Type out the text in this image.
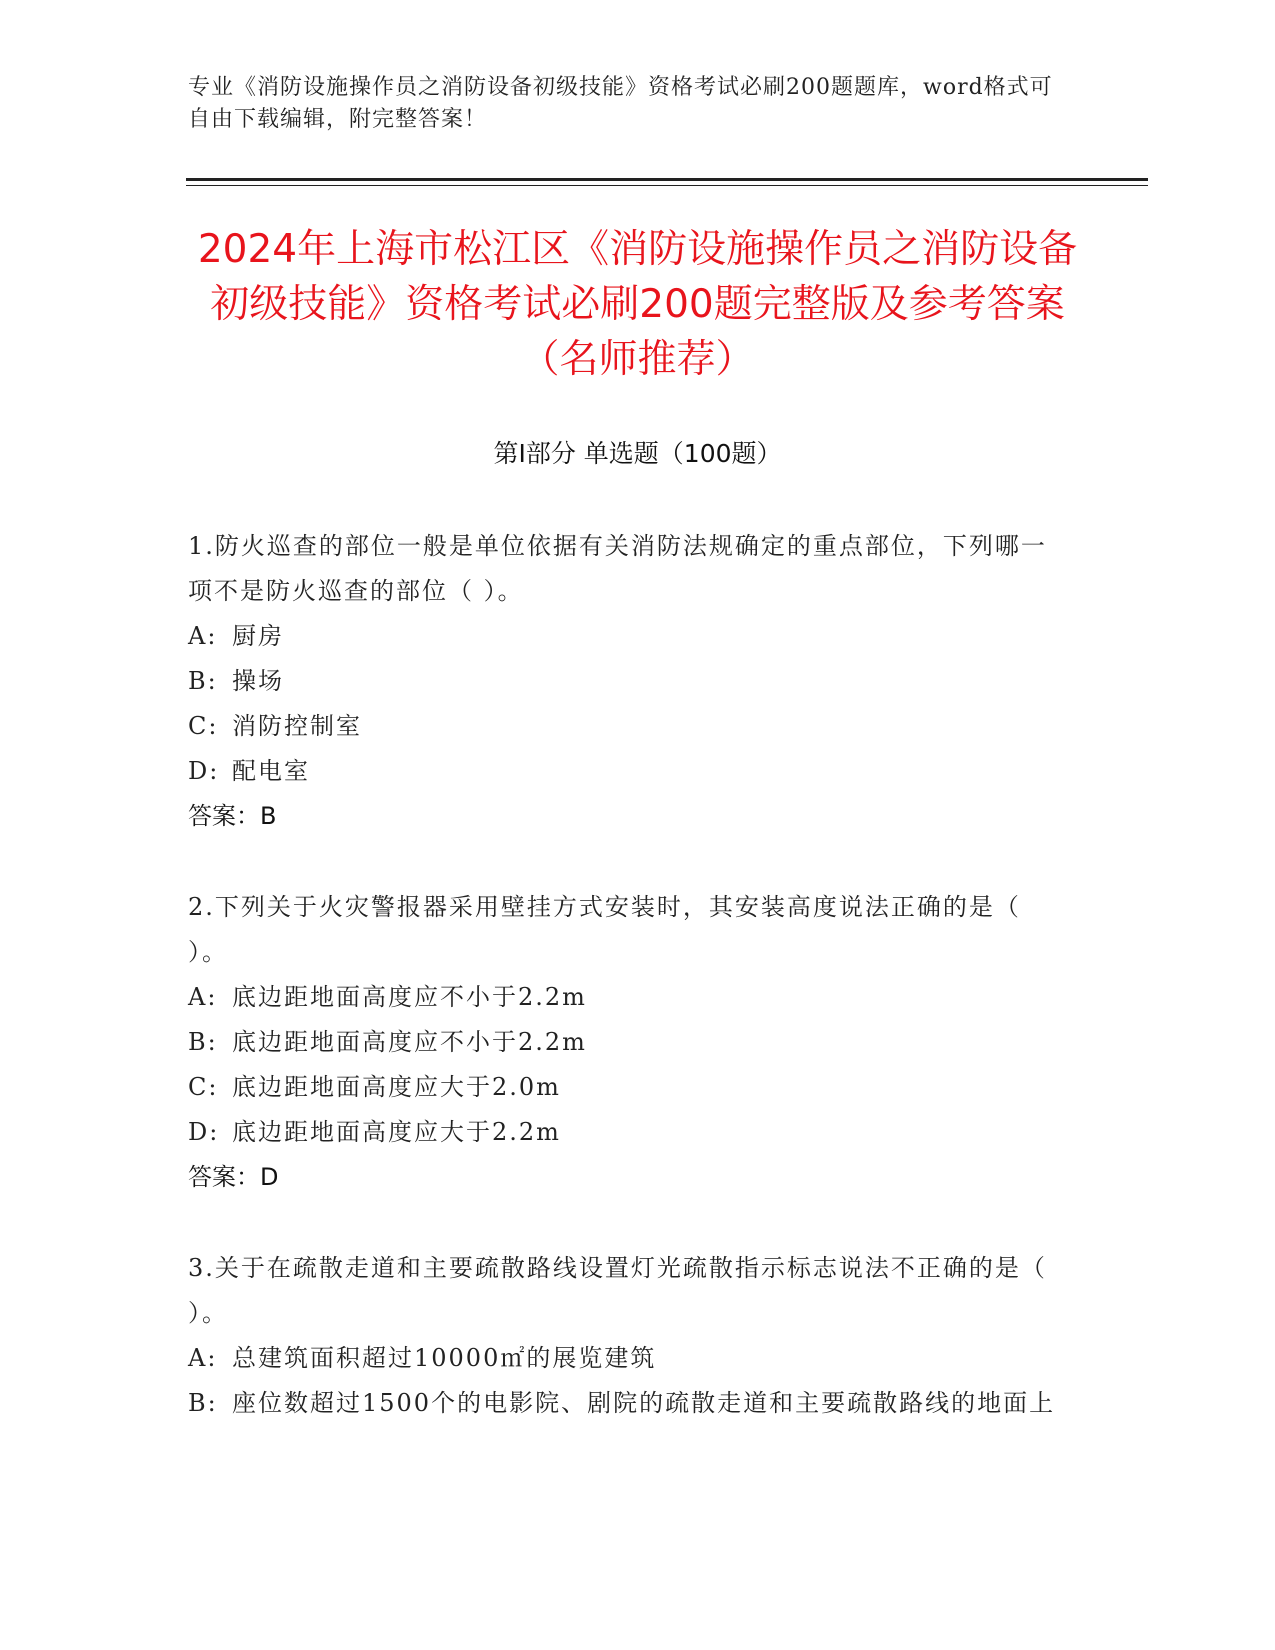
专业《消防设施操作员之消防设备初级技能》资格考试必刷200题题库，word格式可自由下载编辑，附完整答案！
2024年上海市松江区《消防设施操作员之消防设备初级技能》资格考试必刷200题完整版及参考答案（名师推荐）
第I部分 单选题（100题）
1.防火巡查的部位一般是单位依据有关消防法规确定的重点部位，下列哪一项不是防火巡查的部位（ ）。
A: 厨房
B: 操场
C: 消防控制室
D: 配电室
答案：B
2.下列关于火灾警报器采用壁挂方式安装时，其安装高度说法正确的是（ ）。
A: 底边距地面高度应不小于2.2m
B: 底边距地面高度应不小于2.2m
C: 底边距地面高度应大于2.0m
D: 底边距地面高度应大于2.2m
答案：D
3.关于在疏散走道和主要疏散路线设置灯光疏散指示标志说法不正确的是（ ）。
A: 总建筑面积超过10000㎡的展览建筑
B: 座位数超过1500个的电影院、剧院的疏散走道和主要疏散路线的地面上
